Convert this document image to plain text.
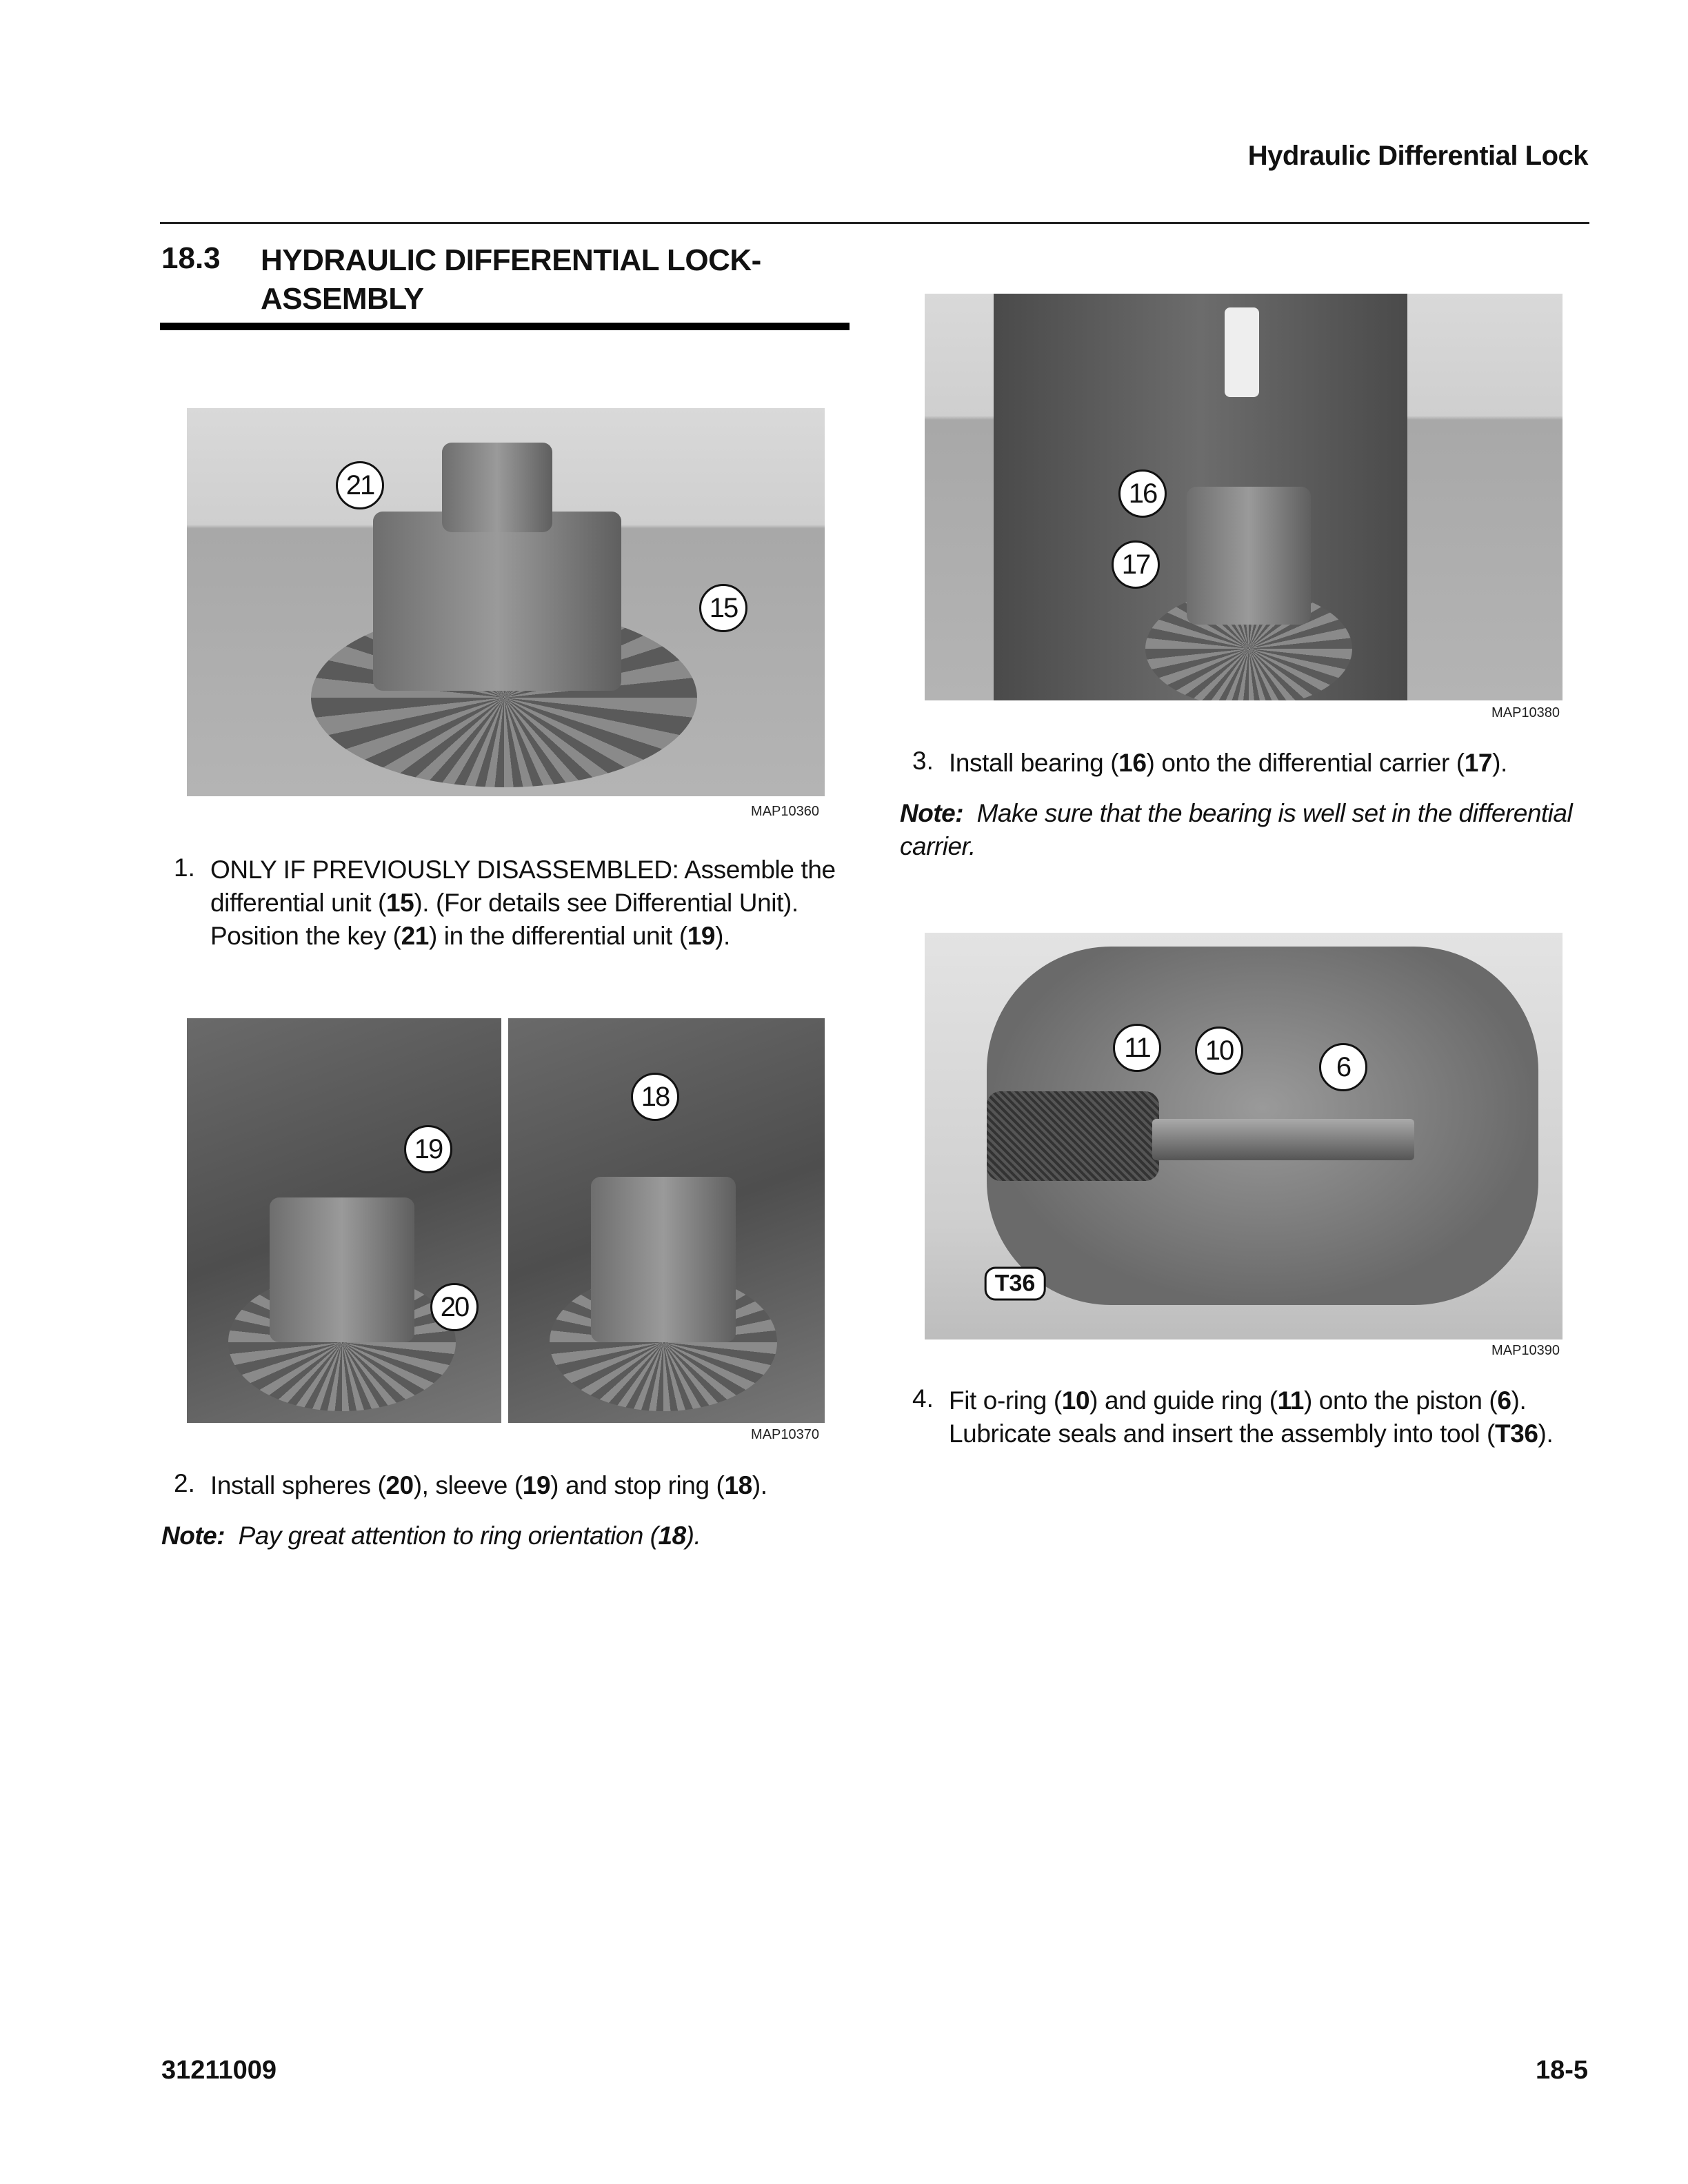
Hydraulic Differential Lock
18.3 HYDRAULIC DIFFERENTIAL LOCK-
ASSEMBLY
21
15
MAP10360
1. ONLY IF PREVIOUSLY DISASSEMBLED: Assemble the differential unit (15). (For details see Differential Unit). Position the key (21) in the differential unit (19).
19
20
18
MAP10370
2. Install spheres (20), sleeve (19) and stop ring (18).
Note: Pay great attention to ring orientation (18).
16
17
MAP10380
3. Install bearing (16) onto the differential carrier (17).
Note: Make sure that the bearing is well set in the differential carrier.
11	10
6
T36
MAP10390
4. Fit o-ring (10) and guide ring (11) onto the piston (6). Lubricate seals and insert the assembly into tool (T36).
31211009	18-5
